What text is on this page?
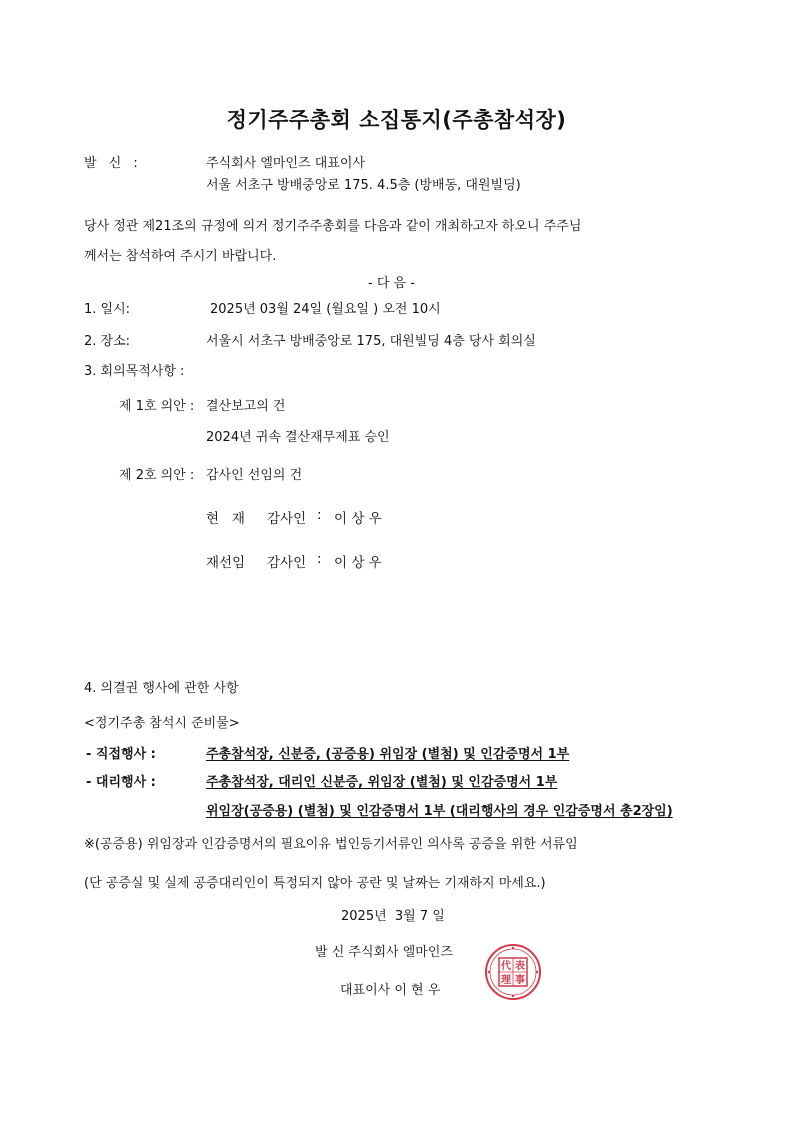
정기주주총회 소집통지(주총참석장)
발 신 :	주식회사 엘마인즈 대표이사
서울 서초구 방배중앙로 175. 4.5층 (방배동, 대원빌딩)
당사 정관 제21조의 규정에 의거 정기주주총회를 다음과 같이 개최하고자 하오니 주주님
께서는 참석하여 주시기 바랍니다.
- 다 음 -
1. 일시:	2025년 03월 24일 (월요일 ) 오전 10시
2. 장소:	서울시 서초구 방배중앙로 175, 대원빌딩 4층 당사 회의실
3. 회의목적사항 :
제 1호 의안 : 결산보고의 건
2024년 귀속 결산재무제표 승인
제 2호 의안 : 감사인 선임의 건
현   재 감사인 : 이 상 우
재선임 감사인 : 이 상 우
4. 의결권 행사에 관한 사항
<정기주총 참석시 준비물>
- 직접행사 :	주총참석장, 신분증, (공증용) 위임장 (별첨) 및 인감증명서 1부
- 대리행사 :	주총참석장, 대리인 신분증, 위임장 (별첨) 및 인감증명서 1부
위임장(공증용) (별첨) 및 인감증명서 1부 (대리행사의 경우 인감증명서 총2장임)
※(공증용) 위임장과 인감증명서의 필요이유 법인등기서류인 의사록 공증을 위한 서류임
(단 공증실 및 실제 공증대리인이 특정되지 않아 공란 및 날짜는 기재하지 마세요.)
2025년  3월 7 일
발 신 주식회사 엘마인즈
대표이사 이 현 우
代 表
理 事
